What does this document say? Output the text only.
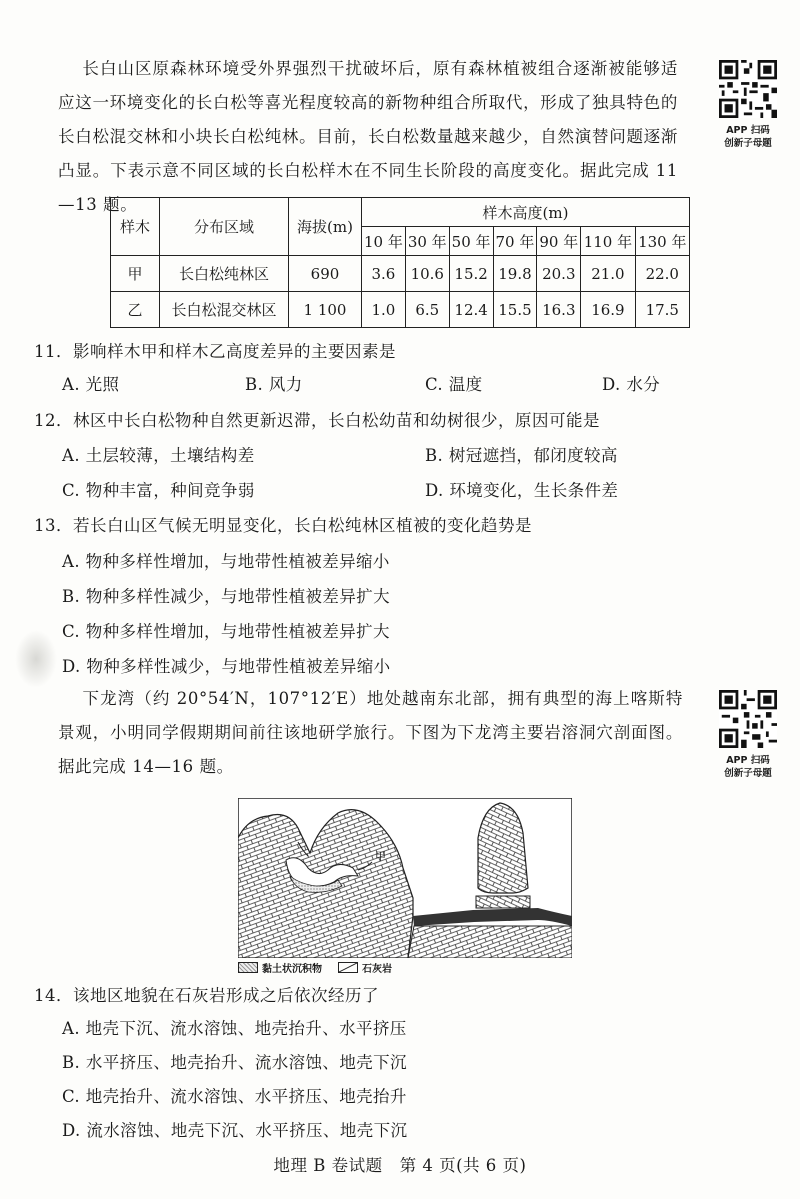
长白山区原森林环境受外界强烈干扰破坏后，原有森林植被组合逐渐被能够适应这一环境变化的长白松等喜光程度较高的新物种组合所取代，形成了独具特色的长白松混交林和小块长白松纯林。目前，长白松数量越来越少，自然演替问题逐渐凸显。下表示意不同区域的长白松样木在不同生长阶段的高度变化。据此完成 11—13 题。
APP 扫码
创新子母题
样木	分布区域	海拔(m)	样木高度(m)						
			10 年	30 年	50 年	70 年	90 年	110 年	130 年
甲	长白松纯林区	690	3.6	10.6	15.2	19.8	20.3	21.0	22.0
乙	长白松混交林区	1 100	1.0	6.5	12.4	15.5	16.3	16.9	17.5
11．影响样木甲和样木乙高度差异的主要因素是
A. 光照	B. 风力	C. 温度	D. 水分
12．林区中长白松物种自然更新迟滞，长白松幼苗和幼树很少，原因可能是
A. 土层较薄，土壤结构差	B. 树冠遮挡，郁闭度较高
C. 物种丰富，种间竞争弱	D. 环境变化，生长条件差
13．若长白山区气候无明显变化，长白松纯林区植被的变化趋势是
A. 物种多样性增加，与地带性植被差异缩小
B. 物种多样性减少，与地带性植被差异扩大
C. 物种多样性增加，与地带性植被差异扩大
D. 物种多样性减少，与地带性植被差异缩小
下龙湾（约 20°54′N，107°12′E）地处越南东北部，拥有典型的海上喀斯特景观，小明同学假期期间前往该地研学旅行。下图为下龙湾主要岩溶洞穴剖面图。据此完成 14—16 题。	APP 扫码
创新子母题
甲
黏土状沉积物	石灰岩
14．该地区地貌在石灰岩形成之后依次经历了
A. 地壳下沉、流水溶蚀、地壳抬升、水平挤压
B. 水平挤压、地壳抬升、流水溶蚀、地壳下沉
C. 地壳抬升、流水溶蚀、水平挤压、地壳抬升
D. 流水溶蚀、地壳下沉、水平挤压、地壳下沉
地理 B 卷试题　第 4 页(共 6 页)
